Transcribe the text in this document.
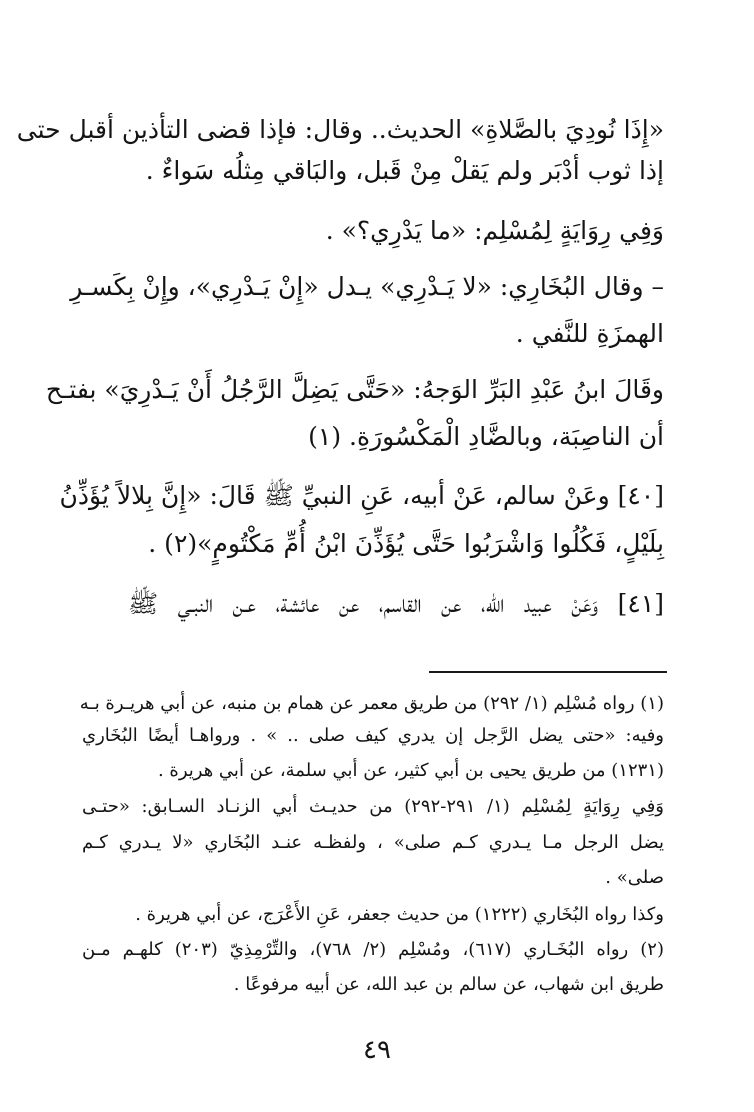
«إِذَا نُودِيَ بالصَّلاةِ» الحديث.. وقال: فإذا قضى التأذين أقبل حتى
إذا ثوب أدْبَر ولم يَقلْ مِنْ قَبل، والبَاقي مِثلُه سَواءٌ .
وَفِي رِوَايَةٍ لِمُسْلِم: «ما يَدْرِي؟» .
– وقال البُخَارِي: «لا يَـدْرِي» يـدل «إِنْ يَـدْرِي»، وإِنْ بِكَسـرِ
الهمزَةِ للنَّفي .
وقَالَ ابنُ عَبْدِ البَرِّ الوَجهُ: «حَتَّى يَضِلَّ الرَّجُلُ أَنْ يَـدْرِيَ» بفتـح
أن الناصِبَة، وبالضَّادِ الْمَكْسُورَةِ. (١)
[٤٠] وعَنْ سالم، عَنْ أبيه، عَنِ النبيِّ ﷺ قَالَ: «إِنَّ بِلالاً يُؤَذِّنُ
بِلَيْلٍ، فَكُلُوا وَاشْرَبُوا حَتَّى يُؤَذِّنَ ابْنُ أُمِّ مَكْتُومٍ»(٢) .
[٤١] وَعَنْ عبيد الله، عن القاسم، عن عائشة، عـن النبـي ﷺ
(١) رواه مُسْلِم (١/ ٢٩٢) من طريق معمر عن همام بن منبه، عن أبي هريـرة بـه
وفيه: «حتى يضل الرَّجل إن يدري كيف صلى .. » . ورواهـا أيضًا البُخَاري
(١٢٣١) من طريق يحيى بن أبي كثير، عن أبي سلمة، عن أبي هريرة .
وَفِي رِوَايَةٍ لِمُسْلِم (١/ ٢٩١-٢٩٢) من حديـث أبي الزنـاد السـابق: «حتـى
يضل الرجل مـا يـدري كـم صلى» ، ولفظـه عنـد البُخَاري «لا يـدري كـم
صلى» .
وكذا رواه البُخَاري (١٢٢٢) من حديث جعفر، عَنِ الأَعْرَج، عن أبي هريرة .
(٢) رواه البُخَـاري (٦١٧)، ومُسْلِم (٢/ ٧٦٨)، والتِّرْمِذِيّ (٢٠٣) كلهـم مـن
طريق ابن شهاب، عن سالم بن عبد الله، عن أبيه مرفوعًا .
٤٩
